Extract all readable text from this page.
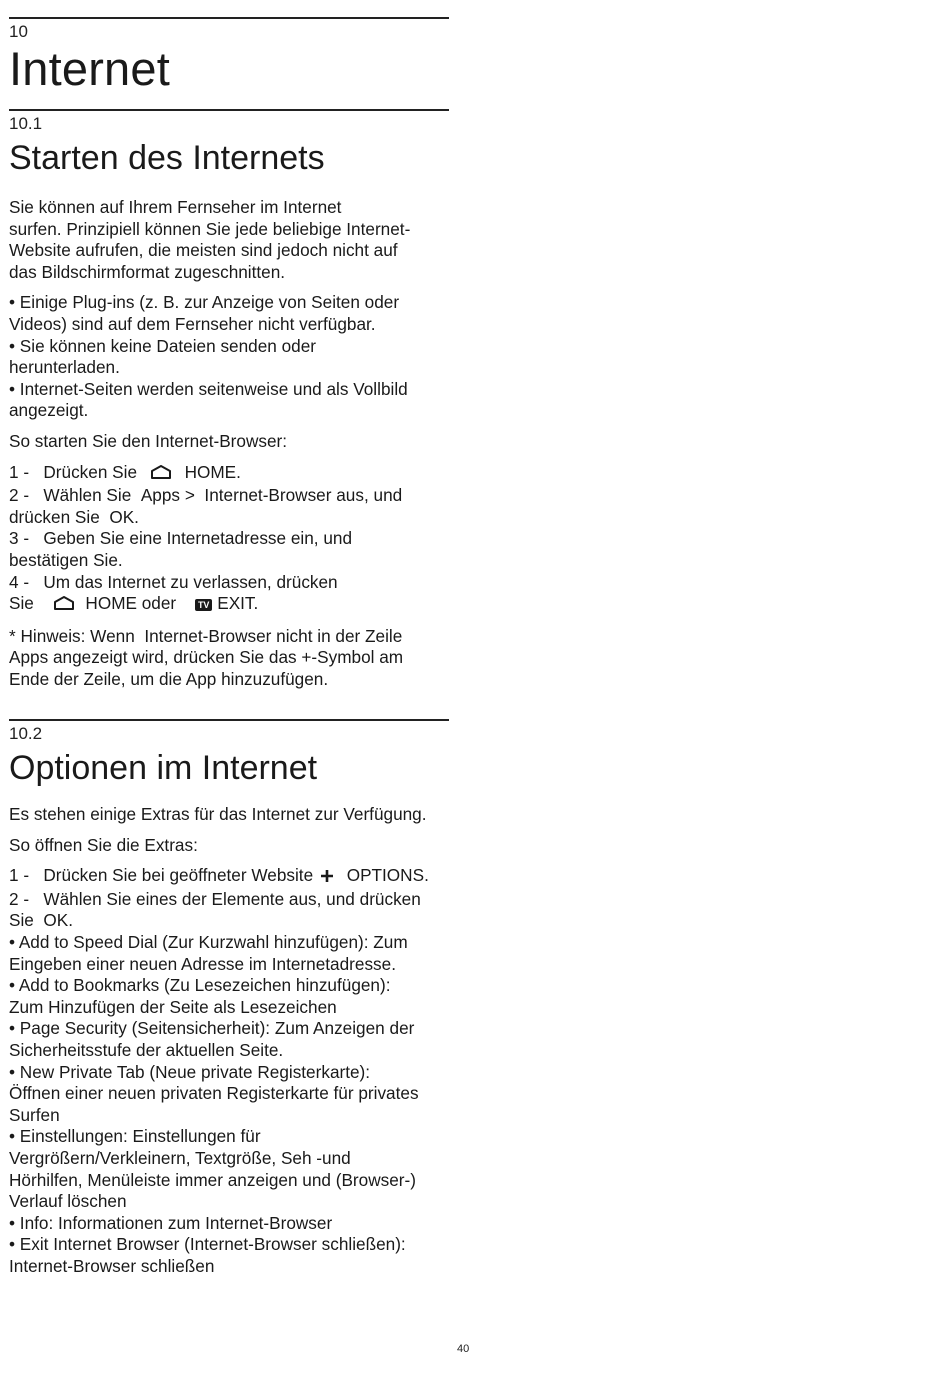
10
Internet
10.1
Starten des Internets

Sie können auf Ihrem Fernseher im Internet

surfen. Prinzipiell können Sie jede beliebige Internet-

Website aufrufen, die meisten sind jedoch nicht auf

das Bildschirmformat zugeschnitten.

• Einige Plug-ins (z. B. zur Anzeige von Seiten oder

Videos) sind auf dem Fernseher nicht verfügbar.

• Sie können keine Dateien senden oder

herunterladen.

• Internet-Seiten werden seitenweise und als Vollbild

angezeigt.

So starten Sie den Internet-Browser:

1 -   Drücken Sie	HOME.

2 -   Wählen Sie Apps > Internet-Browser aus, und

drücken Sie OK.

3 -   Geben Sie eine Internetadresse ein, und

bestätigen Sie.

4 -   Um das Internet zu verlassen, drücken

Sie	HOME oder TV EXIT.

* Hinweis: Wenn Internet-Browser nicht in der Zeile

Apps angezeigt wird, drücken Sie das +-Symbol am

Ende der Zeile, um die App hinzuzufügen.

10.2
Optionen im Internet

Es stehen einige Extras für das Internet zur Verfügung.

So öffnen Sie die Extras:

1 -   Drücken Sie bei geöffneter Website OPTIONS.

2 -   Wählen Sie eines der Elemente aus, und drücken

Sie OK.

• Add to Speed Dial (Zur Kurzwahl hinzufügen): Zum

Eingeben einer neuen Adresse im Internetadresse.

• Add to Bookmarks (Zu Lesezeichen hinzufügen):

Zum Hinzufügen der Seite als Lesezeichen

• Page Security (Seitensicherheit): Zum Anzeigen der

Sicherheitsstufe der aktuellen Seite.

• New Private Tab (Neue private Registerkarte):

Öffnen einer neuen privaten Registerkarte für privates

Surfen

• Einstellungen: Einstellungen für

Vergrößern/Verkleinern, Textgröße, Seh -und

Hörhilfen, Menüleiste immer anzeigen und (Browser-)

Verlauf löschen

• Info: Informationen zum Internet-Browser

• Exit Internet Browser (Internet-Browser schließen):

Internet-Browser schließen

40
